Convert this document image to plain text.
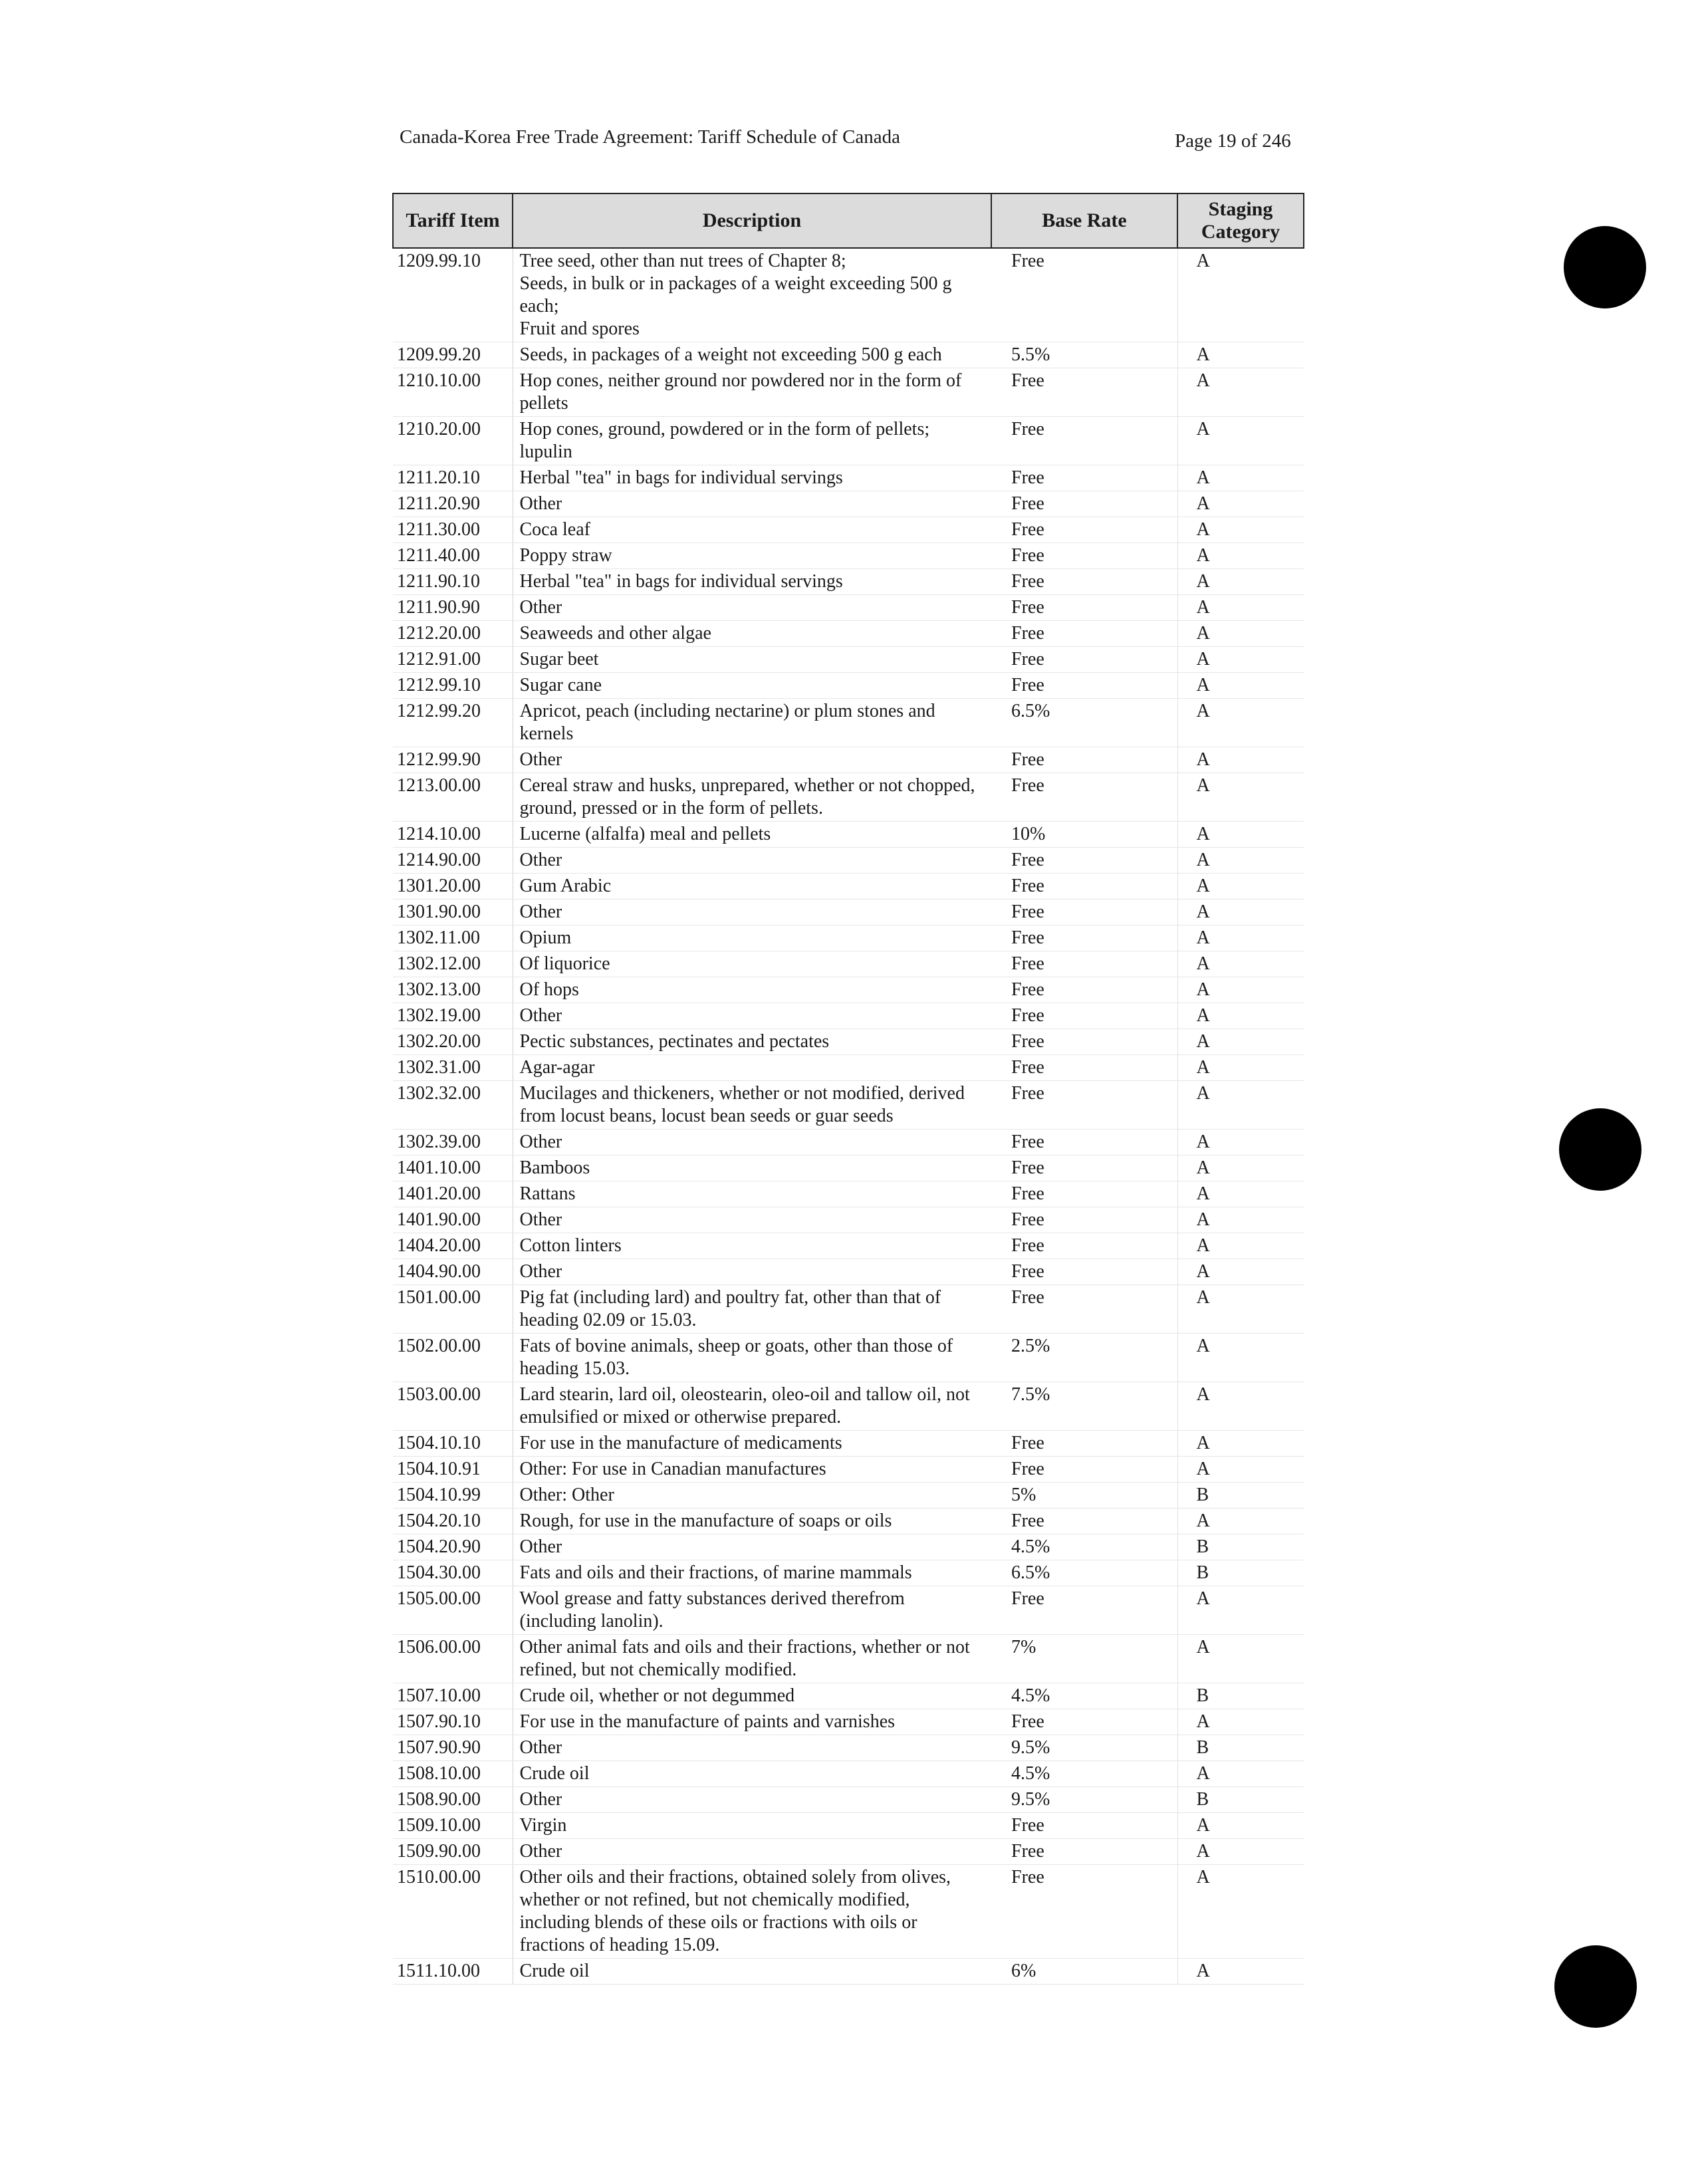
Canada-Korea Free Trade Agreement: Tariff Schedule of Canada	Page 19 of 246
Tariff Item	Description	Base Rate	Staging Category
1209.99.10	Tree seed, other than nut trees of Chapter 8;
Seeds, in bulk or in packages of a weight exceeding 500 g each;
Fruit and spores	Free	A
1209.99.20	Seeds, in packages of a weight not exceeding 500 g each	5.5%	A
1210.10.00	Hop cones, neither ground nor powdered nor in the form of pellets	Free	A
1210.20.00	Hop cones, ground, powdered or in the form of pellets; lupulin	Free	A
1211.20.10	Herbal "tea" in bags for individual servings	Free	A
1211.20.90	Other	Free	A
1211.30.00	Coca leaf	Free	A
1211.40.00	Poppy straw	Free	A
1211.90.10	Herbal "tea" in bags for individual servings	Free	A
1211.90.90	Other	Free	A
1212.20.00	Seaweeds and other algae	Free	A
1212.91.00	Sugar beet	Free	A
1212.99.10	Sugar cane	Free	A
1212.99.20	Apricot, peach (including nectarine) or plum stones and kernels	6.5%	A
1212.99.90	Other	Free	A
1213.00.00	Cereal straw and husks, unprepared, whether or not chopped, ground, pressed or in the form of pellets.	Free	A
1214.10.00	Lucerne (alfalfa) meal and pellets	10%	A
1214.90.00	Other	Free	A
1301.20.00	Gum Arabic	Free	A
1301.90.00	Other	Free	A
1302.11.00	Opium	Free	A
1302.12.00	Of liquorice	Free	A
1302.13.00	Of hops	Free	A
1302.19.00	Other	Free	A
1302.20.00	Pectic substances, pectinates and pectates	Free	A
1302.31.00	Agar-agar	Free	A
1302.32.00	Mucilages and thickeners, whether or not modified, derived from locust beans, locust bean seeds or guar seeds	Free	A
1302.39.00	Other	Free	A
1401.10.00	Bamboos	Free	A
1401.20.00	Rattans	Free	A
1401.90.00	Other	Free	A
1404.20.00	Cotton linters	Free	A
1404.90.00	Other	Free	A
1501.00.00	Pig fat (including lard) and poultry fat, other than that of heading 02.09 or 15.03.	Free	A
1502.00.00	Fats of bovine animals, sheep or goats, other than those of heading 15.03.	2.5%	A
1503.00.00	Lard stearin, lard oil, oleostearin, oleo-oil and tallow oil, not emulsified or mixed or otherwise prepared.	7.5%	A
1504.10.10	For use in the manufacture of medicaments	Free	A
1504.10.91	Other: For use in Canadian manufactures	Free	A
1504.10.99	Other: Other	5%	B
1504.20.10	Rough, for use in the manufacture of soaps or oils	Free	A
1504.20.90	Other	4.5%	B
1504.30.00	Fats and oils and their fractions, of marine mammals	6.5%	B
1505.00.00	Wool grease and fatty substances derived therefrom (including lanolin).	Free	A
1506.00.00	Other animal fats and oils and their fractions, whether or not refined, but not chemically modified.	7%	A
1507.10.00	Crude oil, whether or not degummed	4.5%	B
1507.90.10	For use in the manufacture of paints and varnishes	Free	A
1507.90.90	Other	9.5%	B
1508.10.00	Crude oil	4.5%	A
1508.90.00	Other	9.5%	B
1509.10.00	Virgin	Free	A
1509.90.00	Other	Free	A
1510.00.00	Other oils and their fractions, obtained solely from olives, whether or not refined, but not chemically modified, including blends of these oils or fractions with oils or fractions of heading 15.09.	Free	A
1511.10.00	Crude oil	6%	A
